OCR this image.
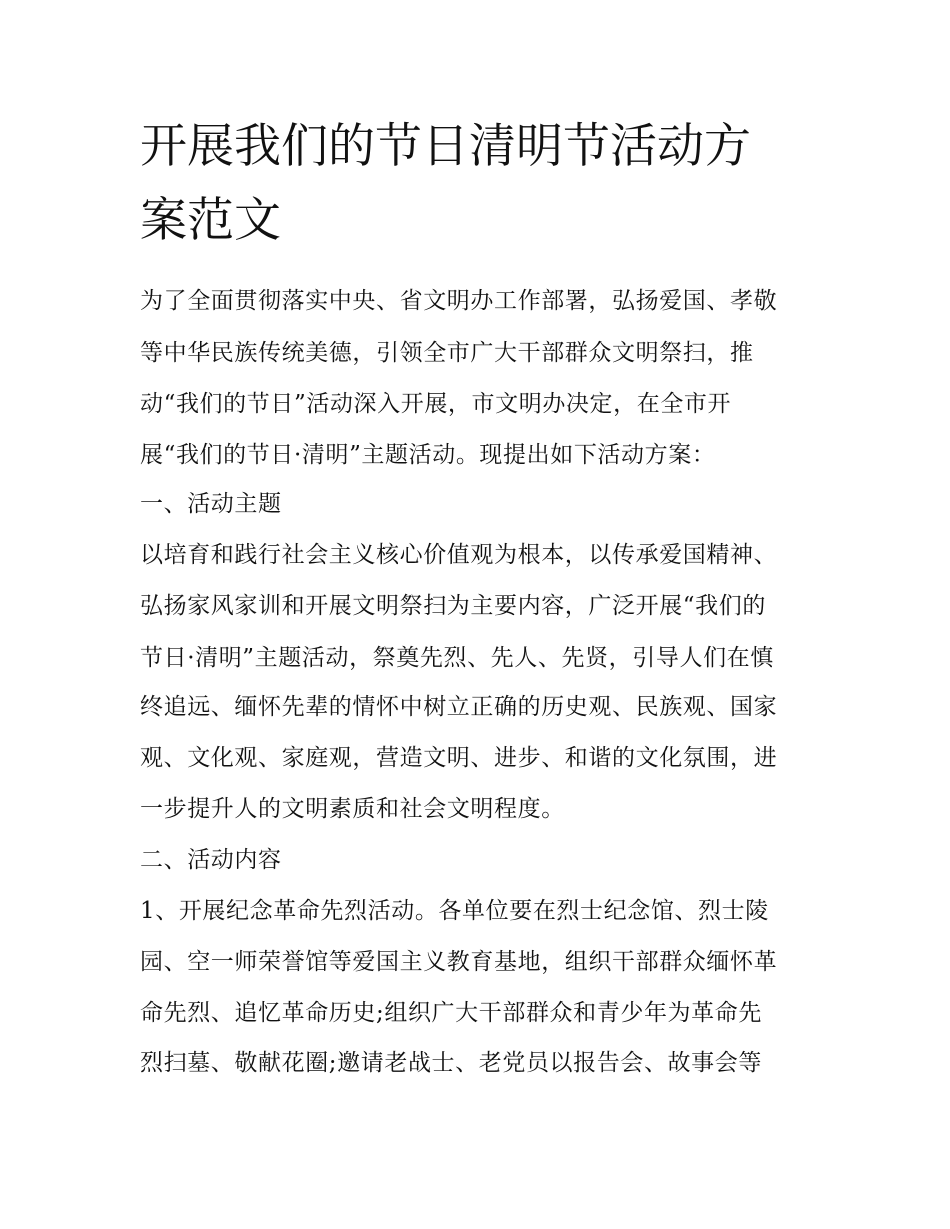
开展我们的节日清明节活动方
案范文
为了全面贯彻落实中央、省文明办工作部署，弘扬爱国、孝敬
等中华民族传统美德，引领全市广大干部群众文明祭扫，推
动“我们的节日”活动深入开展，市文明办决定，在全市开
展“我们的节日·清明”主题活动。现提出如下活动方案：
一、活动主题
以培育和践行社会主义核心价值观为根本，以传承爱国精神、
弘扬家风家训和开展文明祭扫为主要内容，广泛开展“我们的
节日·清明”主题活动，祭奠先烈、先人、先贤，引导人们在慎
终追远、缅怀先辈的情怀中树立正确的历史观、民族观、国家
观、文化观、家庭观，营造文明、进步、和谐的文化氛围，进
一步提升人的文明素质和社会文明程度。
二、活动内容
1、开展纪念革命先烈活动。各单位要在烈士纪念馆、烈士陵
园、空一师荣誉馆等爱国主义教育基地，组织干部群众缅怀革
命先烈、追忆革命历史;组织广大干部群众和青少年为革命先
烈扫墓、敬献花圈;邀请老战士、老党员以报告会、故事会等
